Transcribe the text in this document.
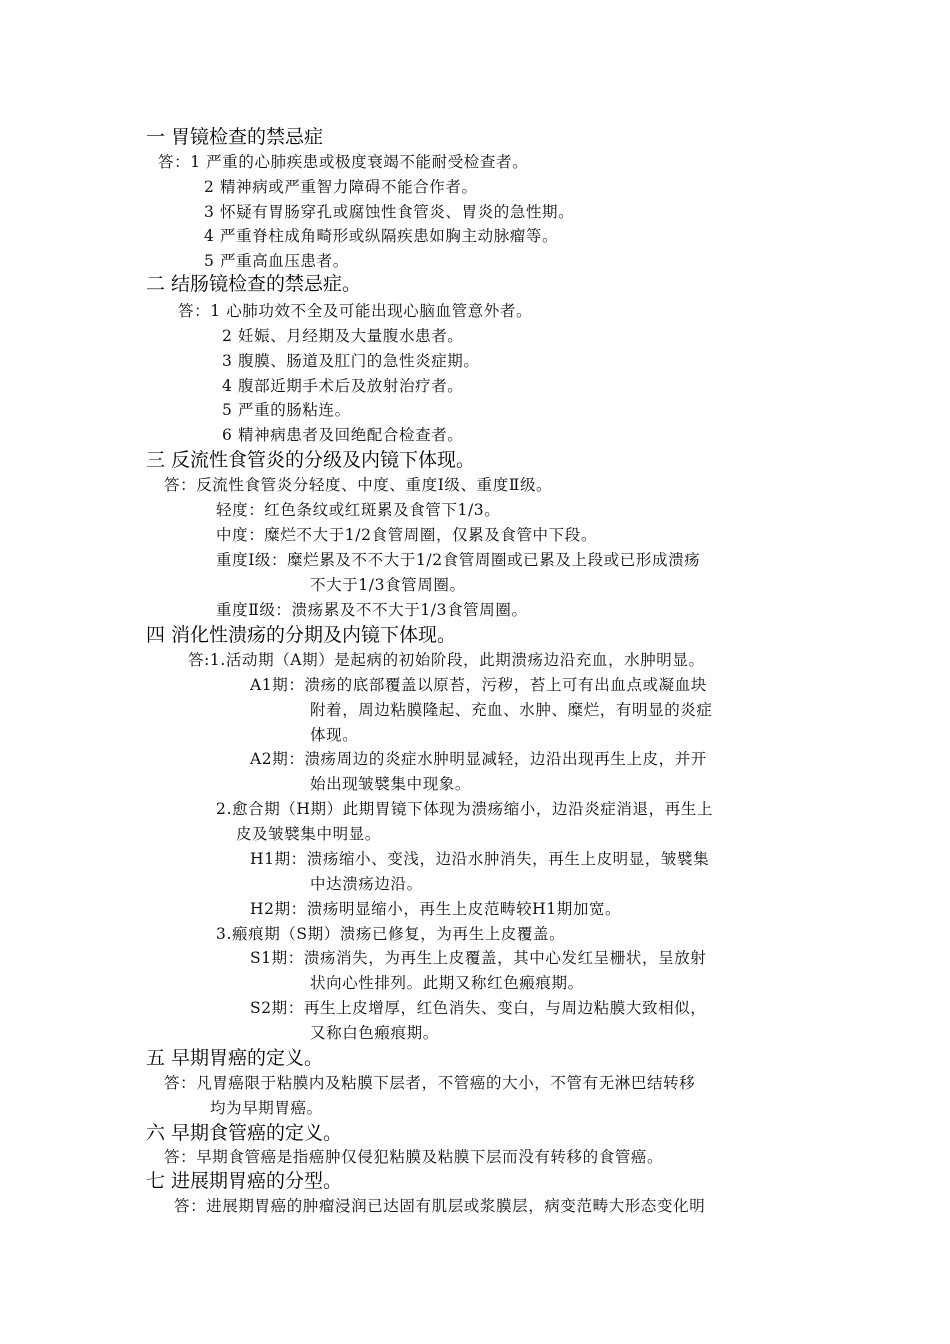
一 胃镜检查的禁忌症
答：1 严重的心肺疾患或极度衰竭不能耐受检查者。
2 精神病或严重智力障碍不能合作者。
3 怀疑有胃肠穿孔或腐蚀性食管炎、胃炎的急性期。
4 严重脊柱成角畸形或纵隔疾患如胸主动脉瘤等。
5 严重高血压患者。
二 结肠镜检查的禁忌症。
答：1 心肺功效不全及可能出现心脑血管意外者。
2 妊娠、月经期及大量腹水患者。
3 腹膜、肠道及肛门的急性炎症期。
4 腹部近期手术后及放射治疗者。
5 严重的肠粘连。
6 精神病患者及回绝配合检查者。
三 反流性食管炎的分级及内镜下体现。
答：反流性食管炎分轻度、中度、重度Ⅰ级、重度Ⅱ级。
轻度：红色条纹或红斑累及食管下1/3。
中度：糜烂不大于1/2食管周圈，仅累及食管中下段。
重度Ⅰ级：糜烂累及不不大于1/2食管周圈或已累及上段或已形成溃疡
不大于1/3食管周圈。
重度Ⅱ级：溃疡累及不不大于1/3食管周圈。
四 消化性溃疡的分期及内镜下体现。
答:1.活动期（A期）是起病的初始阶段，此期溃疡边沿充血，水肿明显。
A1期：溃疡的底部覆盖以原苔，污秽，苔上可有出血点或凝血块
附着，周边粘膜隆起、充血、水肿、糜烂，有明显的炎症
体现。
A2期：溃疡周边的炎症水肿明显减轻，边沿出现再生上皮，并开
始出现皱襞集中现象。
2.愈合期（H期）此期胃镜下体现为溃疡缩小，边沿炎症消退，再生上
皮及皱襞集中明显。
H1期：溃疡缩小、变浅，边沿水肿消失，再生上皮明显，皱襞集
中达溃疡边沿。
H2期：溃疡明显缩小，再生上皮范畴较H1期加宽。
3.瘢痕期（S期）溃疡已修复，为再生上皮覆盖。
S1期：溃疡消失，为再生上皮覆盖，其中心发红呈栅状，呈放射
状向心性排列。此期又称红色瘢痕期。
S2期：再生上皮增厚，红色消失、变白，与周边粘膜大致相似，
又称白色瘢痕期。
五 早期胃癌的定义。
答：凡胃癌限于粘膜内及粘膜下层者，不管癌的大小，不管有无淋巴结转移
均为早期胃癌。
六 早期食管癌的定义。
答：早期食管癌是指癌肿仅侵犯粘膜及粘膜下层而没有转移的食管癌。
七 进展期胃癌的分型。
答：进展期胃癌的肿瘤浸润已达固有肌层或浆膜层，病变范畴大形态变化明
